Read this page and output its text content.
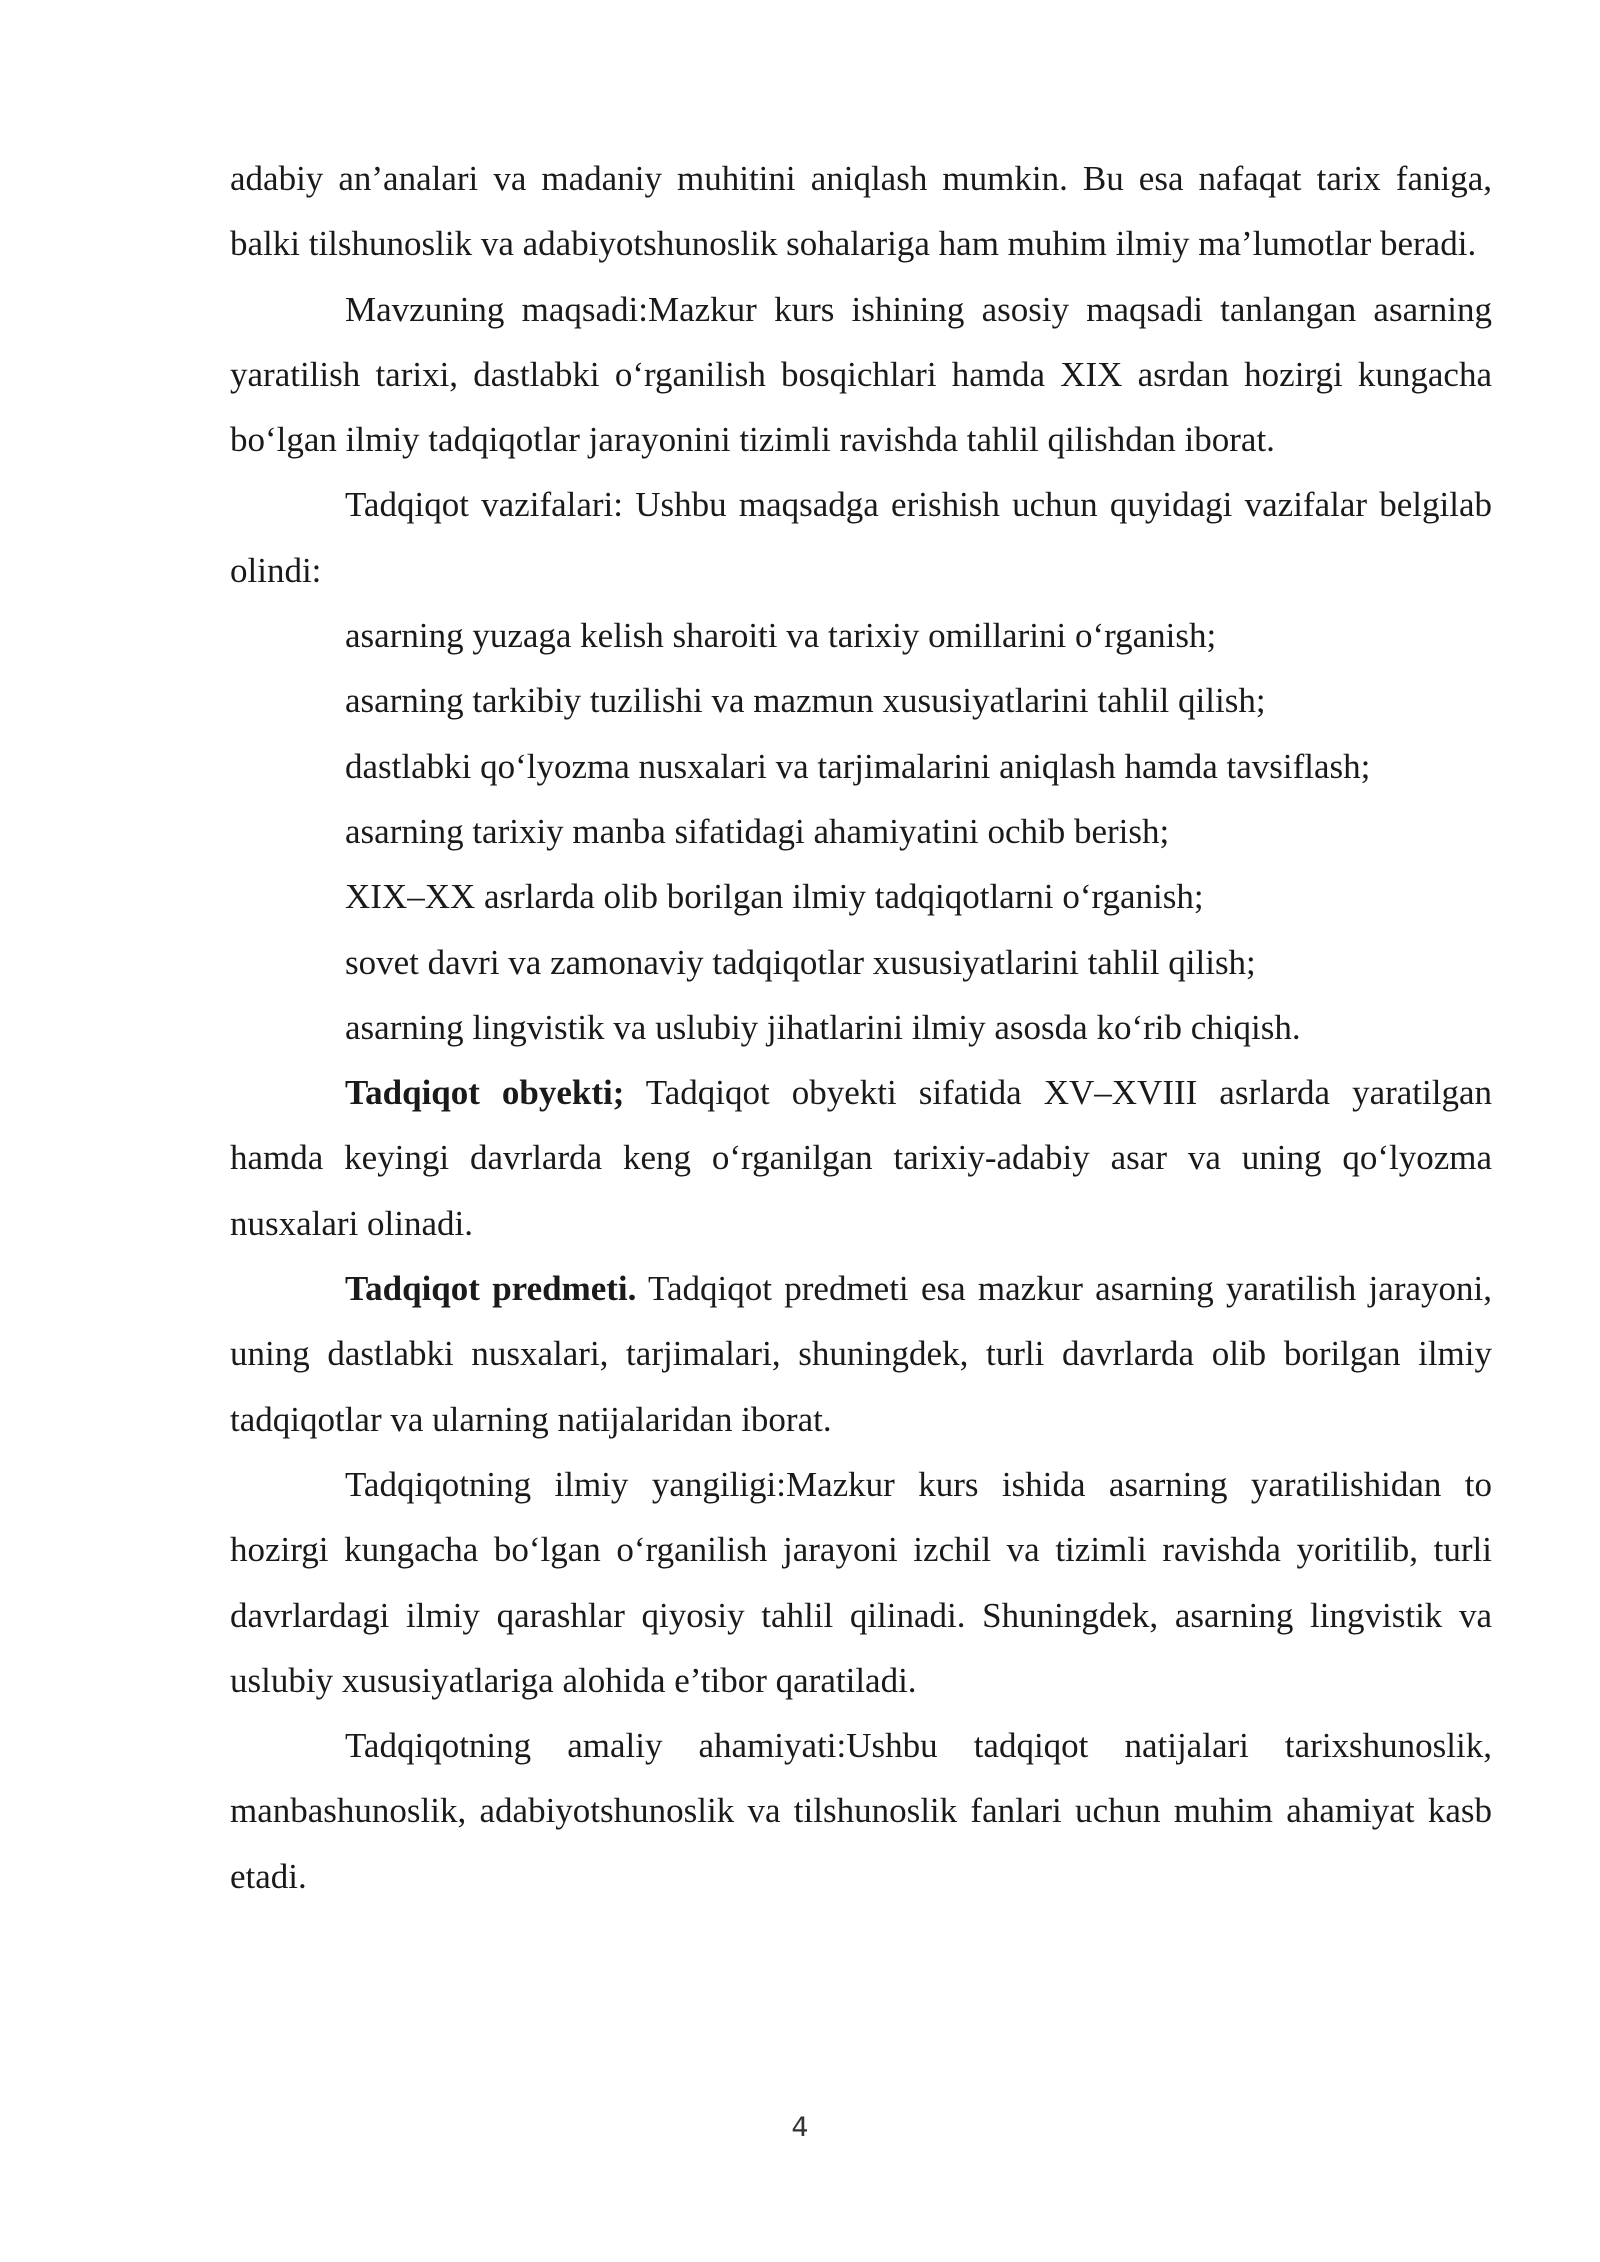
adabiy an’analari va madaniy muhitini aniqlash mumkin. Bu esa nafaqat tarix faniga, balki tilshunoslik va adabiyotshunoslik sohalariga ham muhim ilmiy ma’lumotlar beradi.

Mavzuning maqsadi:Mazkur kurs ishining asosiy maqsadi tanlangan asarning yaratilish tarixi, dastlabki o‘rganilish bosqichlari hamda XIX asrdan hozirgi kungacha bo‘lgan ilmiy tadqiqotlar jarayonini tizimli ravishda tahlil qilishdan iborat.

Tadqiqot vazifalari: Ushbu maqsadga erishish uchun quyidagi vazifalar belgilab olindi:

asarning yuzaga kelish sharoiti va tarixiy omillarini o‘rganish;

asarning tarkibiy tuzilishi va mazmun xususiyatlarini tahlil qilish;

dastlabki qo‘lyozma nusxalari va tarjimalarini aniqlash hamda tavsiflash;

asarning tarixiy manba sifatidagi ahamiyatini ochib berish;

XIX–XX asrlarda olib borilgan ilmiy tadqiqotlarni o‘rganish;

sovet davri va zamonaviy tadqiqotlar xususiyatlarini tahlil qilish;

asarning lingvistik va uslubiy jihatlarini ilmiy asosda ko‘rib chiqish.

Tadqiqot obyekti; Tadqiqot obyekti sifatida XV–XVIII asrlarda yaratilgan hamda keyingi davrlarda keng o‘rganilgan tarixiy-adabiy asar va uning qo‘lyozma nusxalari olinadi.

Tadqiqot predmeti. Tadqiqot predmeti esa mazkur asarning yaratilish jarayoni, uning dastlabki nusxalari, tarjimalari, shuningdek, turli davrlarda olib borilgan ilmiy tadqiqotlar va ularning natijalaridan iborat.

Tadqiqotning ilmiy yangiligi:Mazkur kurs ishida asarning yaratilishidan to hozirgi kungacha bo‘lgan o‘rganilish jarayoni izchil va tizimli ravishda yoritilib, turli davrlardagi ilmiy qarashlar qiyosiy tahlil qilinadi. Shuningdek, asarning lingvistik va uslubiy xususiyatlariga alohida e’tibor qaratiladi.

Tadqiqotning amaliy ahamiyati:Ushbu tadqiqot natijalari tarixshunoslik, manbashunoslik, adabiyotshunoslik va tilshunoslik fanlari uchun muhim ahamiyat kasb etadi.

4
